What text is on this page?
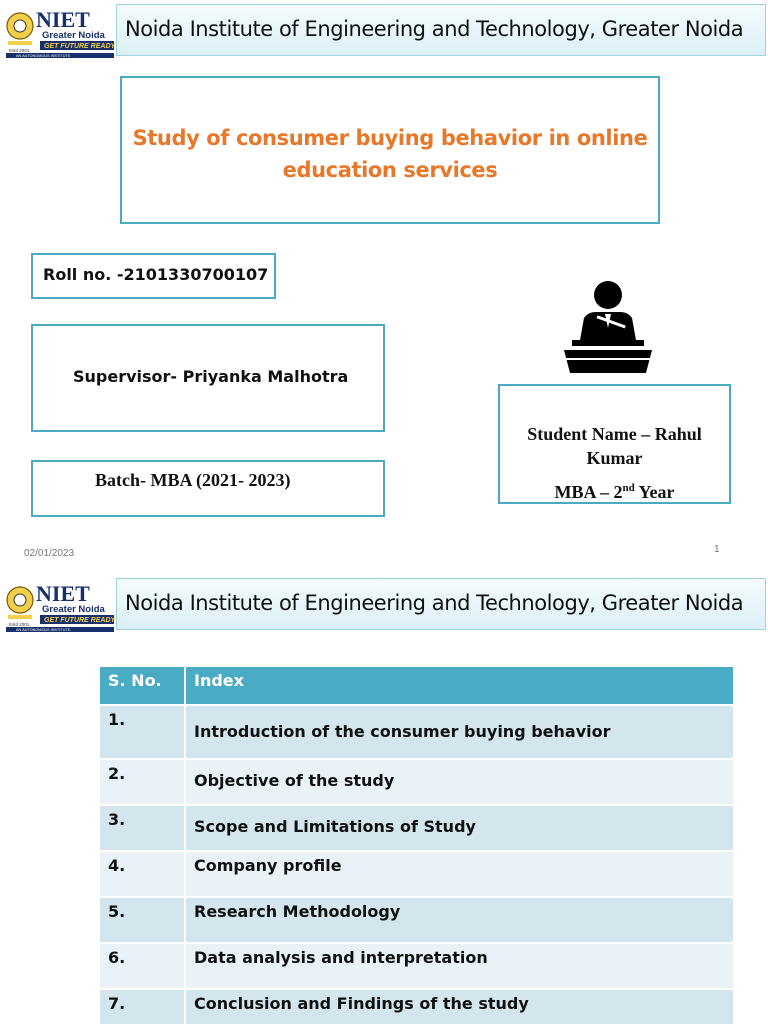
NIET
Greater Noida
GET FUTURE READY
Estd 2001
AN AUTONOMOUS INSTITUTE
Noida Institute of Engineering and Technology, Greater Noida
Study of consumer buying behavior in online education services
Roll no. -2101330700107
Supervisor- Priyanka Malhotra
Batch- MBA (2021- 2023)
Student Name – Rahul
Kumar
MBA – 2nd Year
02/01/2023	1
NIET
Greater Noida
GET FUTURE READY
Estd 2001
AN AUTONOMOUS INSTITUTE
Noida Institute of Engineering and Technology, Greater Noida
S. No.	Index
1.	Introduction of the consumer buying behavior
2.	Objective of the study
3.	Scope and Limitations of Study
4.	Company profile
5.	Research Methodology
6.	Data analysis and interpretation
7.	Conclusion and Findings of the study
